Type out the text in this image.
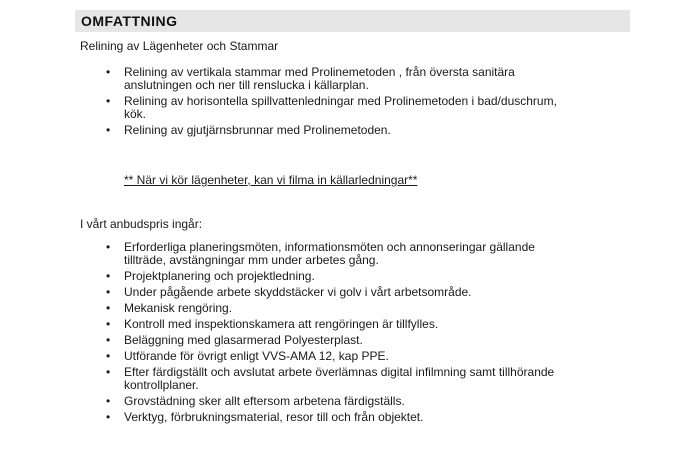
OMFATTNING
Relining av Lägenheter och Stammar
• Relining av vertikala stammar med Prolinemetoden , från översta sanitära
anslutningen och ner till renslucka i källarplan.
• Relining av horisontella spillvattenledningar med Prolinemetoden i bad/duschrum,
kök.
• Relining av gjutjärnsbrunnar med Prolinemetoden.
** När vi kör lägenheter, kan vi filma in källarledningar**
I vårt anbudspris ingår:
• Erforderliga planeringsmöten, informationsmöten och annonseringar gällande
tillträde, avstängningar mm under arbetes gång.
• Projektplanering och projektledning.
• Under pågående arbete skyddstäcker vi golv i vårt arbetsområde.
• Mekanisk rengöring.
• Kontroll med inspektionskamera att rengöringen är tillfylles.
• Beläggning med glasarmerad Polyesterplast.
• Utförande för övrigt enligt VVS-AMA 12, kap PPE.
• Efter färdigställt och avslutat arbete överlämnas digital infilmning samt tillhörande
kontrollplaner.
• Grovstädning sker allt eftersom arbetena färdigställs.
• Verktyg, förbrukningsmaterial, resor till och från objektet.
